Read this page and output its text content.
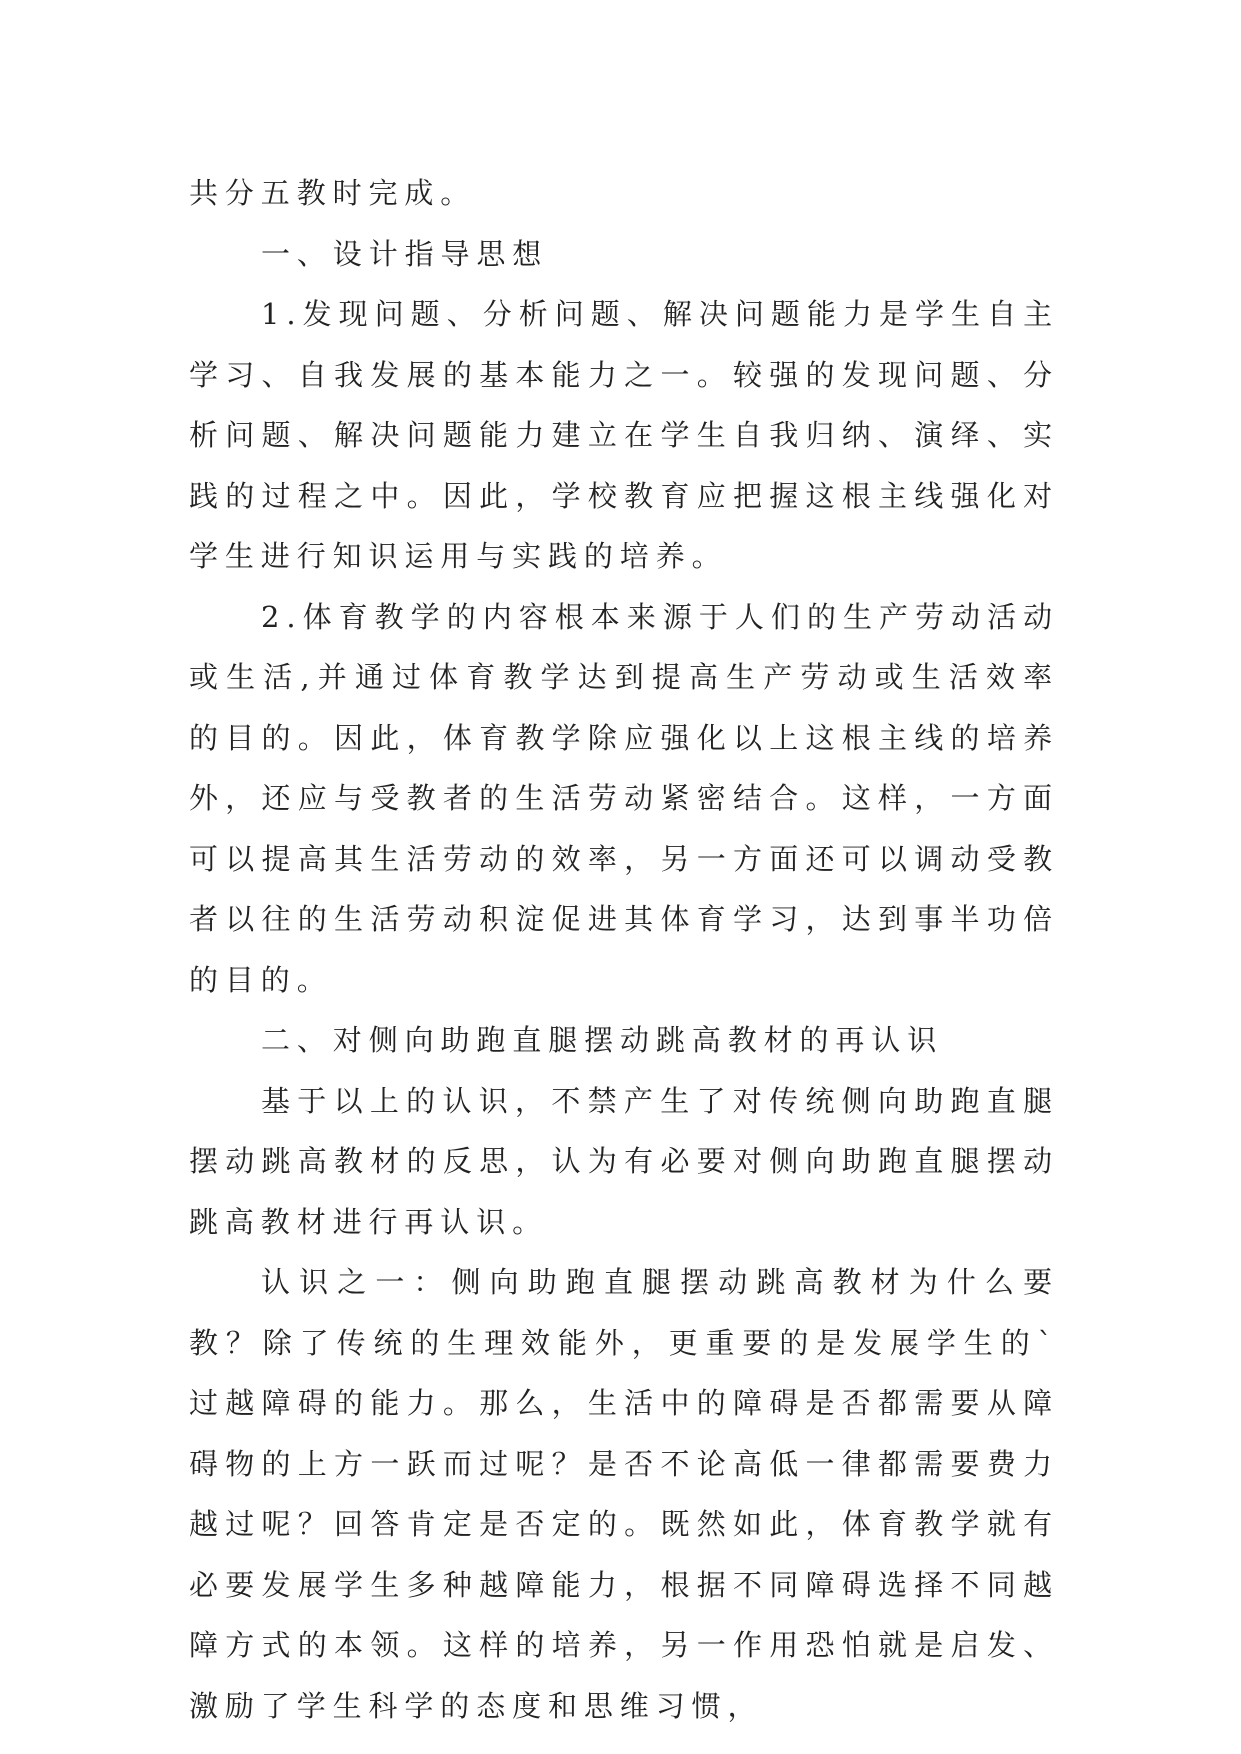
共分五教时完成。

一、设计指导思想

1.发现问题、分析问题、解决问题能力是学生自主学习、自我发展的基本能力之一。较强的发现问题、分析问题、解决问题能力建立在学生自我归纳、演绎、实践的过程之中。因此，学校教育应把握这根主线强化对学生进行知识运用与实践的培养。

2.体育教学的内容根本来源于人们的生产劳动活动或生活,并通过体育教学达到提高生产劳动或生活效率的目的。因此，体育教学除应强化以上这根主线的培养外，还应与受教者的生活劳动紧密结合。这样，一方面可以提高其生活劳动的效率，另一方面还可以调动受教者以往的生活劳动积淀促进其体育学习，达到事半功倍的目的。

二、对侧向助跑直腿摆动跳高教材的再认识

基于以上的认识，不禁产生了对传统侧向助跑直腿摆动跳高教材的反思，认为有必要对侧向助跑直腿摆动跳高教材进行再认识。

认识之一：侧向助跑直腿摆动跳高教材为什么要教？除了传统的生理效能外，更重要的是发展学生的`过越障碍的能力。那么，生活中的障碍是否都需要从障碍物的上方一跃而过呢？是否不论高低一律都需要费力越过呢？回答肯定是否定的。既然如此，体育教学就有必要发展学生多种越障能力，根据不同障碍选择不同越障方式的本领。这样的培养，另一作用恐怕就是启发、激励了学生科学的态度和思维习惯，
